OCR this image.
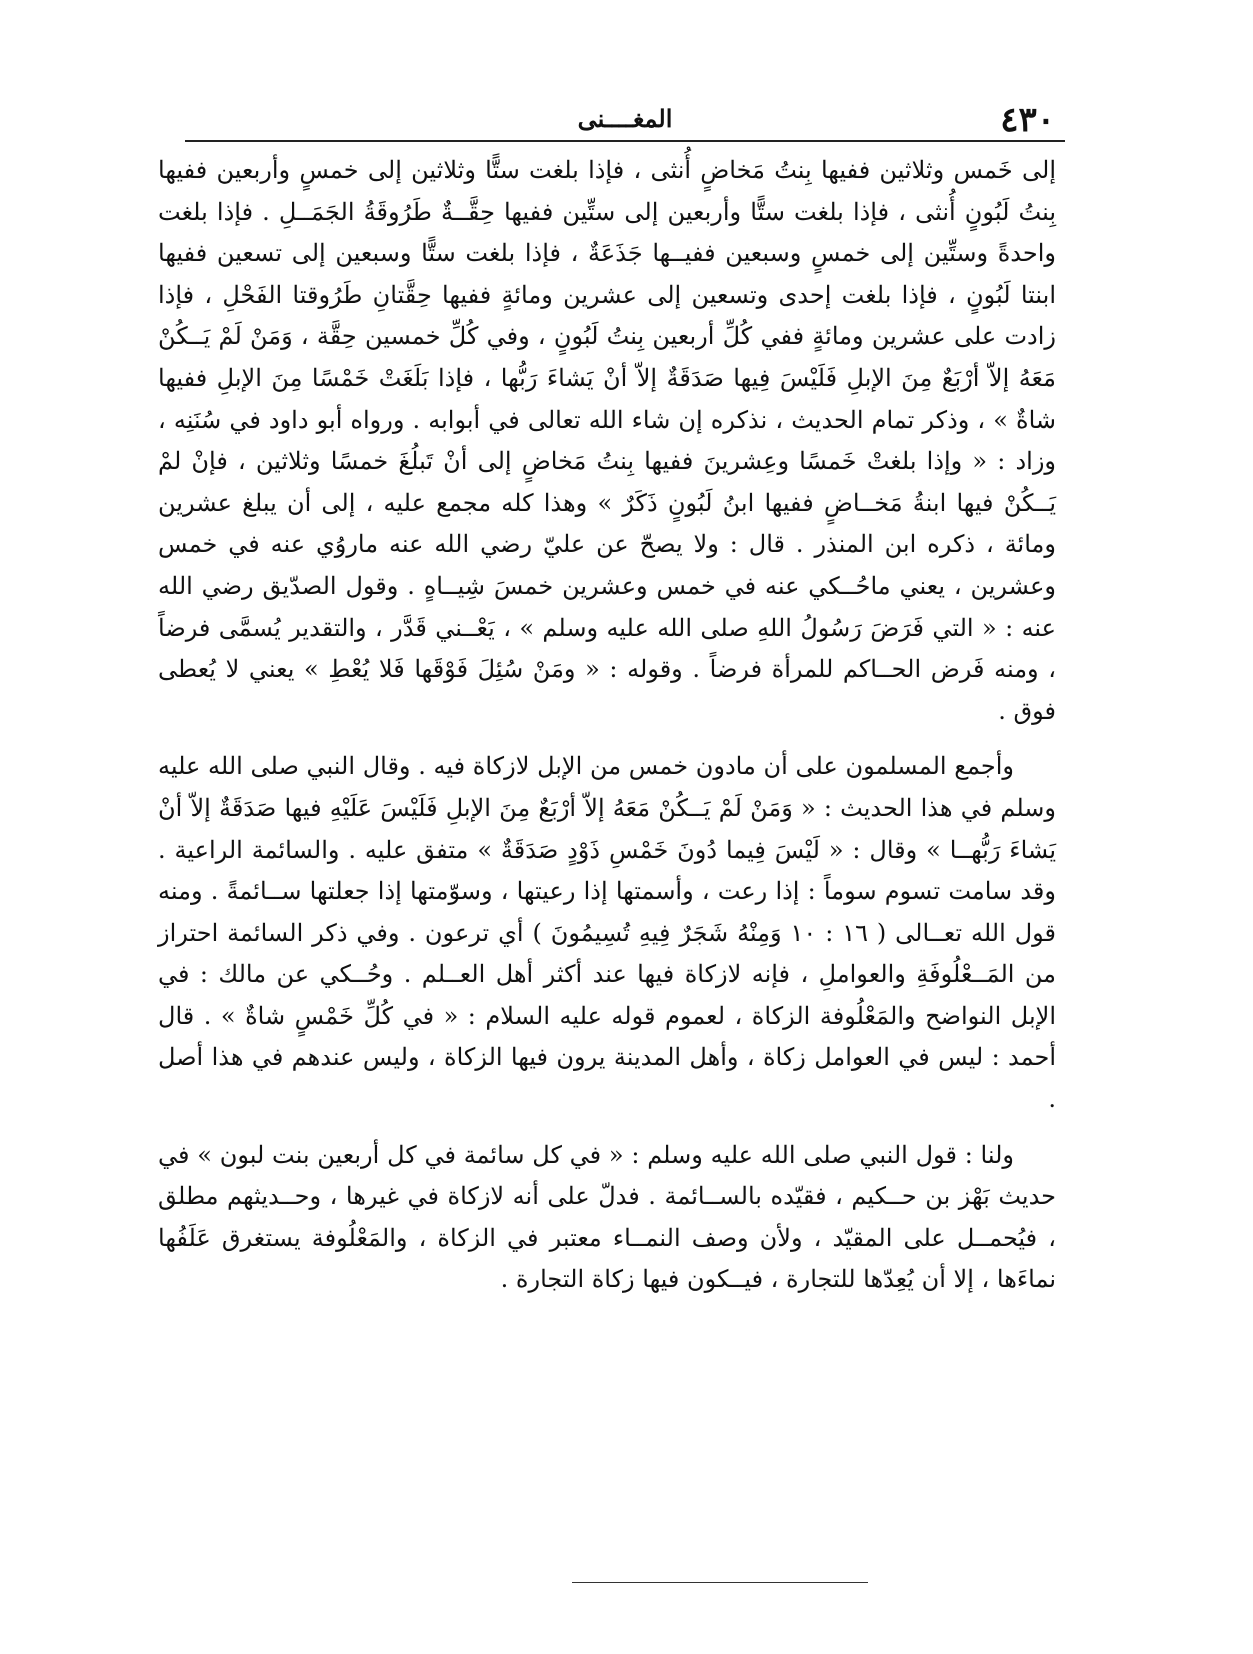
٤٣٠
المغــــنى

إلى خَمس وثلاثين ففيها بِنتُ مَخاضٍ أُنثى ، فإذا بلغت ستًّا وثلاثين إلى خمسٍ وأربعين ففيها بِنتُ لَبُونٍ أُنثى ، فإذا بلغت ستًّا وأربعين إلى ستِّين ففيها حِقَّــةٌ طَرُوقَةُ الجَمَــلِ . فإذا بلغت واحدةً وستِّين إلى خمسٍ وسبعين ففيــها جَذَعَةٌ ، فإذا بلغت ستًّا وسبعين إلى تسعين ففيها ابنتا لَبُونٍ ، فإذا بلغت إحدى وتسعين إلى عشرين ومائةٍ ففيها حِقَّتانِ طَرُوقتا الفَحْلِ ، فإذا زادت على عشرين ومائةٍ ففي كُلِّ أربعين بِنتُ لَبُونٍ ، وفي كُلِّ خمسين حِقَّة ، وَمَنْ لَمْ يَــكُنْ مَعَهُ إلاّ أرْبَعٌ مِنَ الإبلِ فَلَيْسَ فِيها صَدَقَةٌ إلاّ أنْ يَشاءَ رَبُّها ، فإذا بَلَغَتْ خَمْسًا مِنَ الإبلِ ففيها شاةٌ » ، وذكر تمام الحديث ، نذكره إن شاء الله تعالى في أبوابه . ورواه أبو داود في سُنَنِه ، وزاد : « وإذا بلغتْ خَمسًا وعِشرينَ ففيها بِنتُ مَخاضٍ إلى أنْ تَبلُغَ خمسًا وثلاثين ، فإنْ لمْ يَــكُنْ فيها ابنةُ مَخــاضٍ ففيها ابنُ لَبُونٍ ذَكَرٌ » وهذا كله مجمع عليه ، إلى أن يبلغ عشرين ومائة ، ذكره ابن المنذر . قال : ولا يصحّ عن عليّ رضي الله عنه ماروُي عنه في خمس وعشرين ، يعني ماحُــكي عنه في خمس وعشرين خمسَ شِيــاهٍ . وقول الصدّيق رضي الله عنه : « التي فَرَضَ رَسُولُ اللهِ صلى الله عليه وسلم » ، يَعْــني قَدَّر ، والتقدير يُسمَّى فرضاً ، ومنه فَرض الحــاكم للمرأة فرضاً . وقوله : « ومَنْ سُئِلَ فَوْقَها فَلا يُعْطِ » يعني لا يُعطى فوق .

وأجمع المسلمون على أن مادون خمس من الإبل لازكاة فيه . وقال النبي صلى الله عليه وسلم في هذا الحديث : « وَمَنْ لَمْ يَــكُنْ مَعَهُ إلاّ أرْبَعٌ مِنَ الإبلِ فَلَيْسَ عَلَيْهِ فيها صَدَقَةٌ إلاّ أنْ يَشاءَ رَبُّهــا » وقال : « لَيْسَ فِيما دُونَ خَمْسِ ذَوْدٍ صَدَقَةٌ » متفق عليه . والسائمة الراعية . وقد سامت تسوم سوماً : إذا رعت ، وأسمتها إذا رعيتها ، وسوّمتها إذا جعلتها ســائمةً . ومنه قول الله تعــالى ( ١٦ : ١٠ وَمِنْهُ شَجَرٌ فِيهِ تُسِيمُونَ ) أي ترعون . وفي ذكر السائمة احتراز من المَــعْلُوفَةِ والعواملِ ، فإنه لازكاة فيها عند أكثر أهل العــلم . وحُــكي عن مالك : في الإبل النواضح والمَعْلُوفة الزكاة ، لعموم قوله عليه السلام : « في كُلِّ خَمْسٍ شاةٌ » . قال أحمد : ليس في العوامل زكاة ، وأهل المدينة يرون فيها الزكاة ، وليس عندهم في هذا أصل .

ولنا : قول النبي صلى الله عليه وسلم : « في كل سائمة في كل أربعين بنت لبون » في حديث بَهْز بن حــكيم ، فقيّده بالســائمة . فدلّ على أنه لازكاة في غيرها ، وحــديثهم مطلق ، فيُحمــل على المقيّد ، ولأن وصف النمــاء معتبر في الزكاة ، والمَعْلُوفة يستغرق عَلَفُها نماءَها ، إلا أن يُعِدّها للتجارة ، فيــكون فيها زكاة التجارة .
